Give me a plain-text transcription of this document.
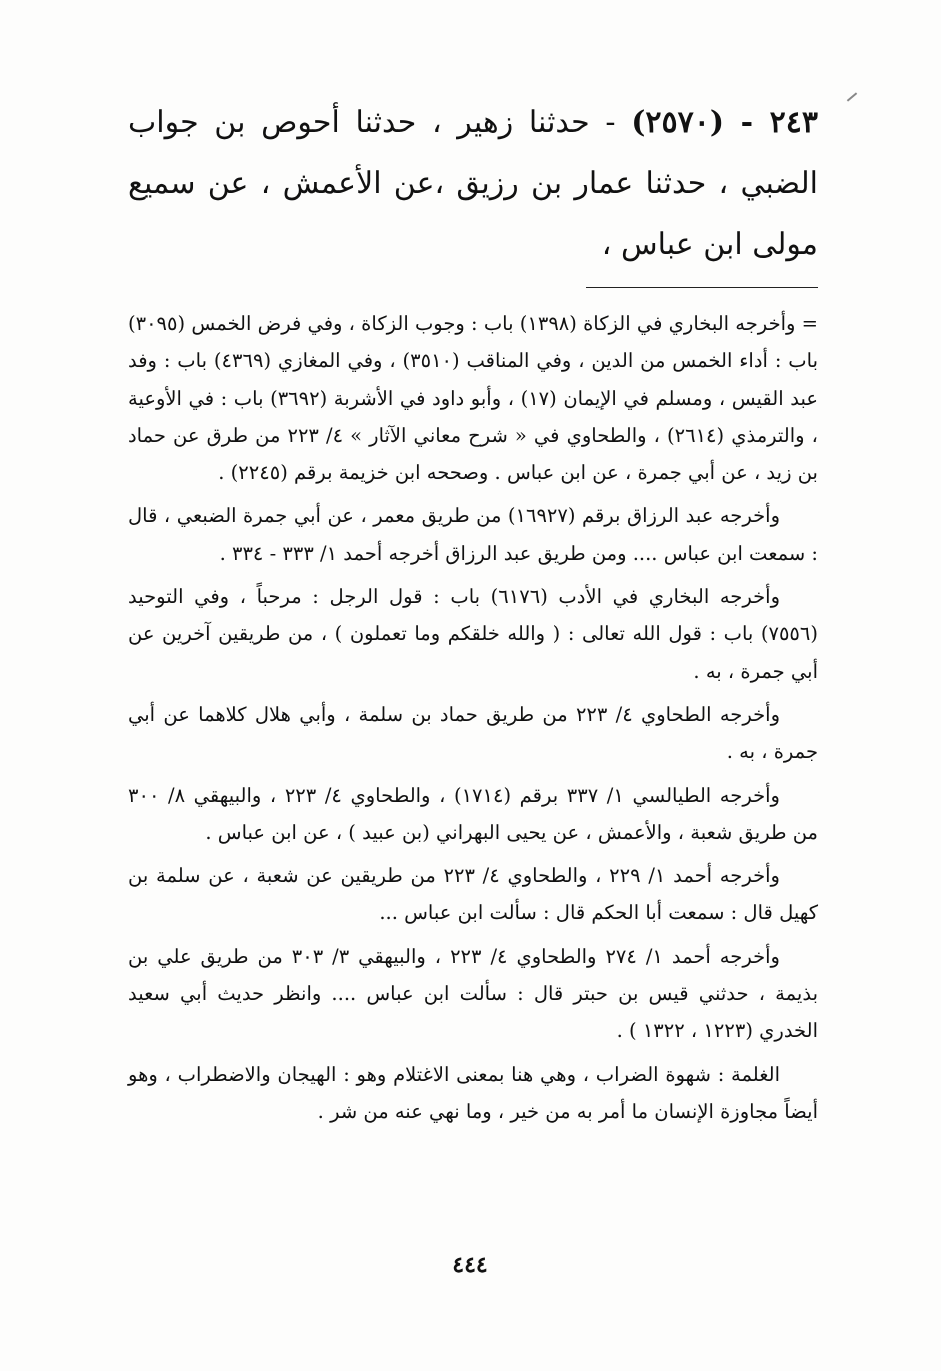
٢٤٣ - (٢٥٧٠) - حدثنا زهير ، حدثنا أحوص بن جواب الضبي ، حدثنا عمار بن رزيق ،عن الأعمش ، عن سميع مولى ابن عباس ،

= وأخرجه البخاري في الزكاة (١٣٩٨) باب : وجوب الزكاة ، وفي فرض الخمس (٣٠٩٥) باب : أداء الخمس من الدين ، وفي المناقب (٣٥١٠) ، وفي المغازي (٤٣٦٩) باب : وفد عبد القيس ، ومسلم في الإيمان (١٧) ، وأبو داود في الأشربة (٣٦٩٢) باب : في الأوعية ، والترمذي (٢٦١٤) ، والطحاوي في « شرح معاني الآثار » ٤/ ٢٢٣ من طرق عن حماد بن زيد ، عن أبي جمرة ، عن ابن عباس . وصححه ابن خزيمة برقم (٢٢٤٥) .

وأخرجه عبد الرزاق برقم (١٦٩٢٧) من طريق معمر ، عن أبي جمرة الضبعي ، قال : سمعت ابن عباس .... ومن طريق عبد الرزاق أخرجه أحمد ١/ ٣٣٣ - ٣٣٤ .

وأخرجه البخاري في الأدب (٦١٧٦) باب : قول الرجل : مرحباً ، وفي التوحيد (٧٥٥٦) باب : قول الله تعالى : ( والله خلقكم وما تعملون ) ، من طريقين آخرين عن أبي جمرة ، به .

وأخرجه الطحاوي ٤/ ٢٢٣ من طريق حماد بن سلمة ، وأبي هلال كلاهما عن أبي جمرة ، به .

وأخرجه الطيالسي ١/ ٣٣٧ برقم (١٧١٤) ، والطحاوي ٤/ ٢٢٣ ، والبيهقي ٨/ ٣٠٠ من طريق شعبة ، والأعمش ، عن يحيى البهراني (بن عبيد ) ، عن ابن عباس .

وأخرجه أحمد ١/ ٢٢٩ ، والطحاوي ٤/ ٢٢٣ من طريقين عن شعبة ، عن سلمة بن كهيل قال : سمعت أبا الحكم قال : سألت ابن عباس ...

وأخرجه أحمد ١/ ٢٧٤ والطحاوي ٤/ ٢٢٣ ، والبيهقي ٣/ ٣٠٣ من طريق علي بن بذيمة ، حدثني قيس بن حبتر قال : سألت ابن عباس .... وانظر حديث أبي سعيد الخدري (١٢٢٣ ، ١٣٢٢ ) .

الغلمة : شهوة الضراب ، وهي هنا بمعنى الاغتلام وهو : الهيجان والاضطراب ، وهو أيضاً مجاوزة الإنسان ما أمر به من خير ، وما نهي عنه من شر .

٤٤٤
